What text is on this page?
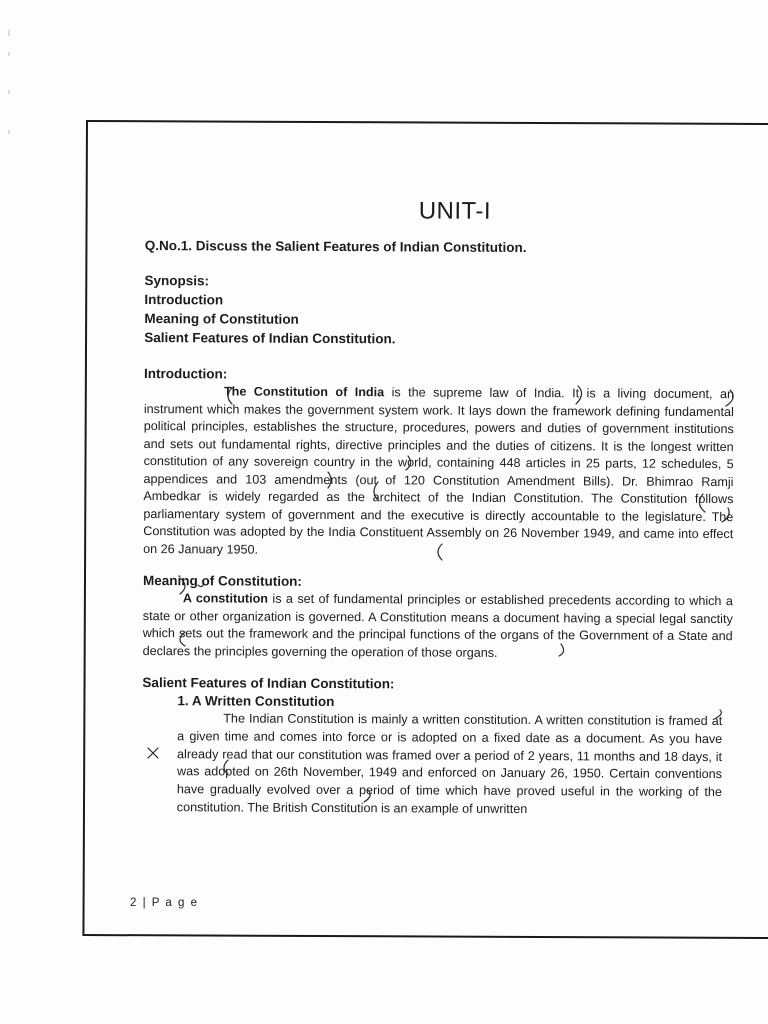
UNIT-I
Q.No.1. Discuss the Salient Features of Indian Constitution.
Synopsis:
Introduction
Meaning of Constitution
Salient Features of Indian Constitution.
Introduction:

The Constitution of India is the supreme law of India. It is a living document, an instrument which makes the government system work. It lays down the framework defining fundamental political principles, establishes the structure, procedures, powers and duties of government institutions and sets out fundamental rights, directive principles and the duties of citizens. It is the longest written constitution of any sovereign country in the world, containing 448 articles in 25 parts, 12 schedules, 5 appendices and 103 amendments (out of 120 Constitution Amendment Bills). Dr. Bhimrao Ramji Ambedkar is widely regarded as the architect of the Indian Constitution. The Constitution follows parliamentary system of government and the executive is directly accountable to the legislature. The Constitution was adopted by the India Constituent Assembly on 26 November 1949, and came into effect on 26 January 1950.

Meaning of Constitution:

A constitution is a set of fundamental principles or established precedents according to which a state or other organization is governed. A Constitution means a document having a special legal sanctity which sets out the framework and the principal functions of the organs of the Government of a State and declares the principles governing the operation of those organs.

Salient Features of Indian Constitution:
1. A Written Constitution

The Indian Constitution is mainly a written constitution. A written constitution is framed at a given time and comes into force or is adopted on a fixed date as a document. As you have already read that our constitution was framed over a period of 2 years, 11 months and 18 days, it was adopted on 26th November, 1949 and enforced on January 26, 1950. Certain conventions have gradually evolved over a period of time which have proved useful in the working of the constitution. The British Constitution is an example of unwritten

2 | P a g e
